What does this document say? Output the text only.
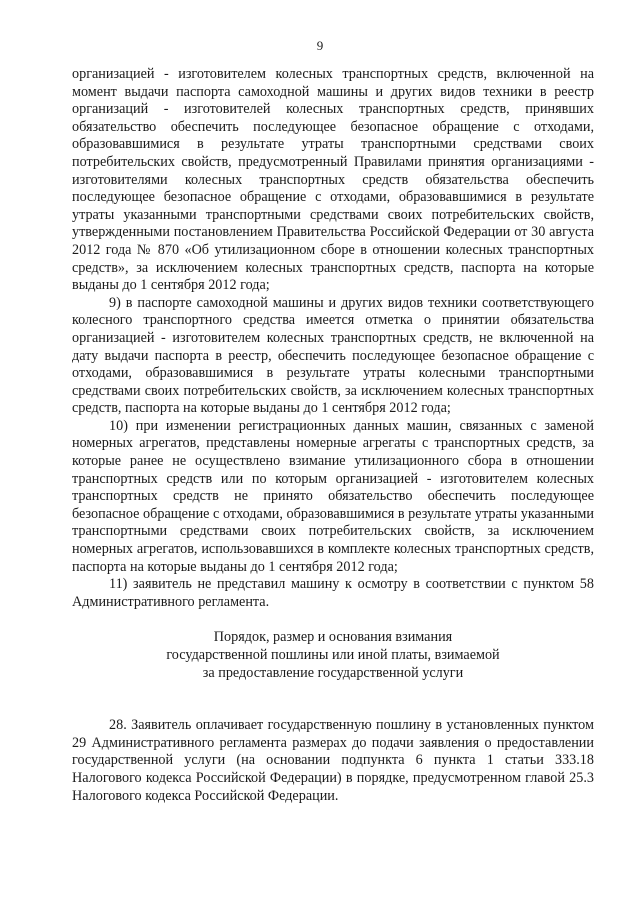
9

организацией - изготовителем колесных транспортных средств, включенной на момент выдачи паспорта самоходной машины и других видов техники в реестр организаций - изготовителей колесных транспортных средств, принявших обязательство обеспечить последующее безопасное обращение с отходами, образовавшимися в результате утраты транспортными средствами своих потребительских свойств, предусмотренный Правилами принятия организациями - изготовителями колесных транспортных средств обязательства обеспечить последующее безопасное обращение с отходами, образовавшимися в результате утраты указанными транспортными средствами своих потребительских свойств, утвержденными постановлением Правительства Российской Федерации от 30 августа 2012 года № 870 «Об утилизационном сборе в отношении колесных транспортных средств», за исключением колесных транспортных средств, паспорта на которые выданы до 1 сентября 2012 года;

9) в паспорте самоходной машины и других видов техники соответствующего колесного транспортного средства имеется отметка о принятии обязательства организацией - изготовителем колесных транспортных средств, не включенной на дату выдачи паспорта в реестр, обеспечить последующее безопасное обращение с отходами, образовавшимися в результате утраты колесными транспортными средствами своих потребительских свойств, за исключением колесных транспортных средств, паспорта на которые выданы до 1 сентября 2012 года;

10) при изменении регистрационных данных машин, связанных с заменой номерных агрегатов, представлены номерные агрегаты с транспортных средств, за которые ранее не осуществлено взимание утилизационного сбора в отношении транспортных средств или по которым организацией - изготовителем колесных транспортных средств не принято обязательство обеспечить последующее безопасное обращение с отходами, образовавшимися в результате утраты указанными транспортными средствами своих потребительских свойств, за исключением номерных агрегатов, использовавшихся в комплекте колесных транспортных средств, паспорта на которые выданы до 1 сентября 2012 года;

11) заявитель не представил машину к осмотру в соответствии с пунктом 58 Административного регламента.

Порядок, размер и основания взимания
государственной пошлины или иной платы, взимаемой
за предоставление государственной услуги

28. Заявитель оплачивает государственную пошлину в установленных пунктом 29 Административного регламента размерах до подачи заявления о предоставлении государственной услуги (на основании подпункта 6 пункта 1 статьи 333.18 Налогового кодекса Российской Федерации) в порядке, предусмотренном главой 25.3 Налогового кодекса Российской Федерации.
